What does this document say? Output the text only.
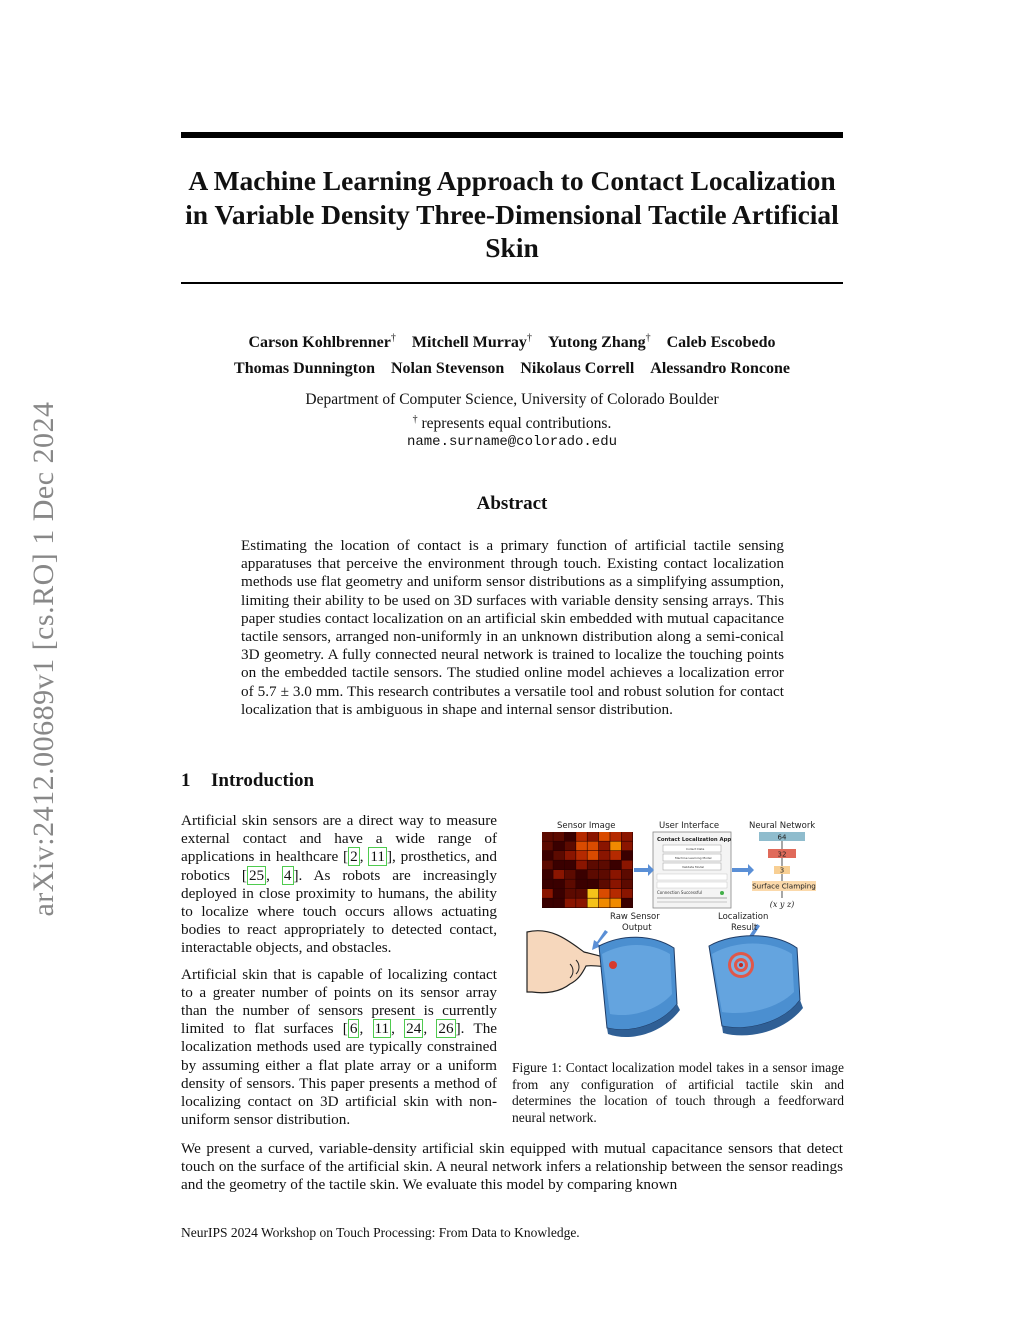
arXiv:2412.00689v1 [cs.RO] 1 Dec 2024
A Machine Learning Approach to Contact Localization in Variable Density Three-Dimensional Tactile Artificial Skin
Carson Kohlbrenner† Mitchell Murray† Yutong Zhang† Caleb Escobedo
Thomas Dunnington Nolan Stevenson Nikolaus Correll Alessandro Roncone
Department of Computer Science, University of Colorado Boulder
† represents equal contributions.
name.surname@colorado.edu
Abstract

Estimating the location of contact is a primary function of artificial tactile sensing apparatuses that perceive the environment through touch. Existing contact localization methods use flat geometry and uniform sensor distributions as a simplifying assumption, limiting their ability to be used on 3D surfaces with variable density sensing arrays. This paper studies contact localization on an artificial skin embedded with mutual capacitance tactile sensors, arranged non-uniformly in an unknown distribution along a semi-conical 3D geometry. A fully connected neural network is trained to localize the touching points on the embedded tactile sensors. The studied online model achieves a localization error of 5.7 ± 3.0 mm. This research contributes a versatile tool and robust solution for contact localization that is ambiguous in shape and internal sensor distribution.

1 Introduction

Artificial skin sensors are a direct way to measure external contact and have a wide range of applications in healthcare [ 2 , 11 ], prosthetics, and robotics [ 25 , 4 ]. As robots are increasingly deployed in close proximity to humans, the ability to localize where touch occurs allows actuating bodies to react appropriately to detected contact, interactable objects, and obstacles.

Artificial skin that is capable of localizing contact to a greater number of points on its sensor array than the number of sensors present is currently limited to flat surfaces [ 6 , 11 , 24 , 26 ]. The localization methods used are typically constrained by assuming either a flat plate array or a uniform density of sensors. This paper presents a method of localizing contact on 3D artificial skin with non-uniform sensor distribution.

Sensor Image	User Interface	Neural Network
Contact Localization App
Collect Data
Machine Learning Model
Validate Model
Connection Successful
64
32
3
Surface Clamping
(x y z)
Raw Sensor
Output
Localization
Result

Figure 1: Contact localization model takes in a sensor image from any configuration of artificial tactile skin and determines the location of touch through a feedforward neural network.

We present a curved, variable-density artificial skin equipped with mutual capacitance sensors that detect touch on the surface of the artificial skin. A neural network infers a relationship between the sensor readings and the geometry of the tactile skin. We evaluate this model by comparing known

NeurIPS 2024 Workshop on Touch Processing: From Data to Knowledge.
